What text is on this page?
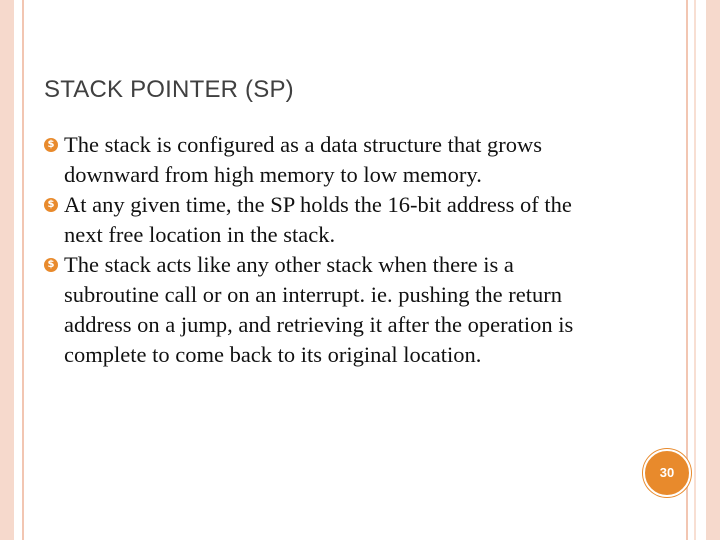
STACK POINTER (SP)
$ The stack is configured as a data structure that grows downward from high memory to low memory.
$ At any given time, the SP holds the 16-bit address of the next free location in the stack.
$ The stack acts like any other stack when there is a subroutine call or on an interrupt. ie. pushing the return address on a jump, and retrieving it after the operation is complete to come back to its original location.
30
